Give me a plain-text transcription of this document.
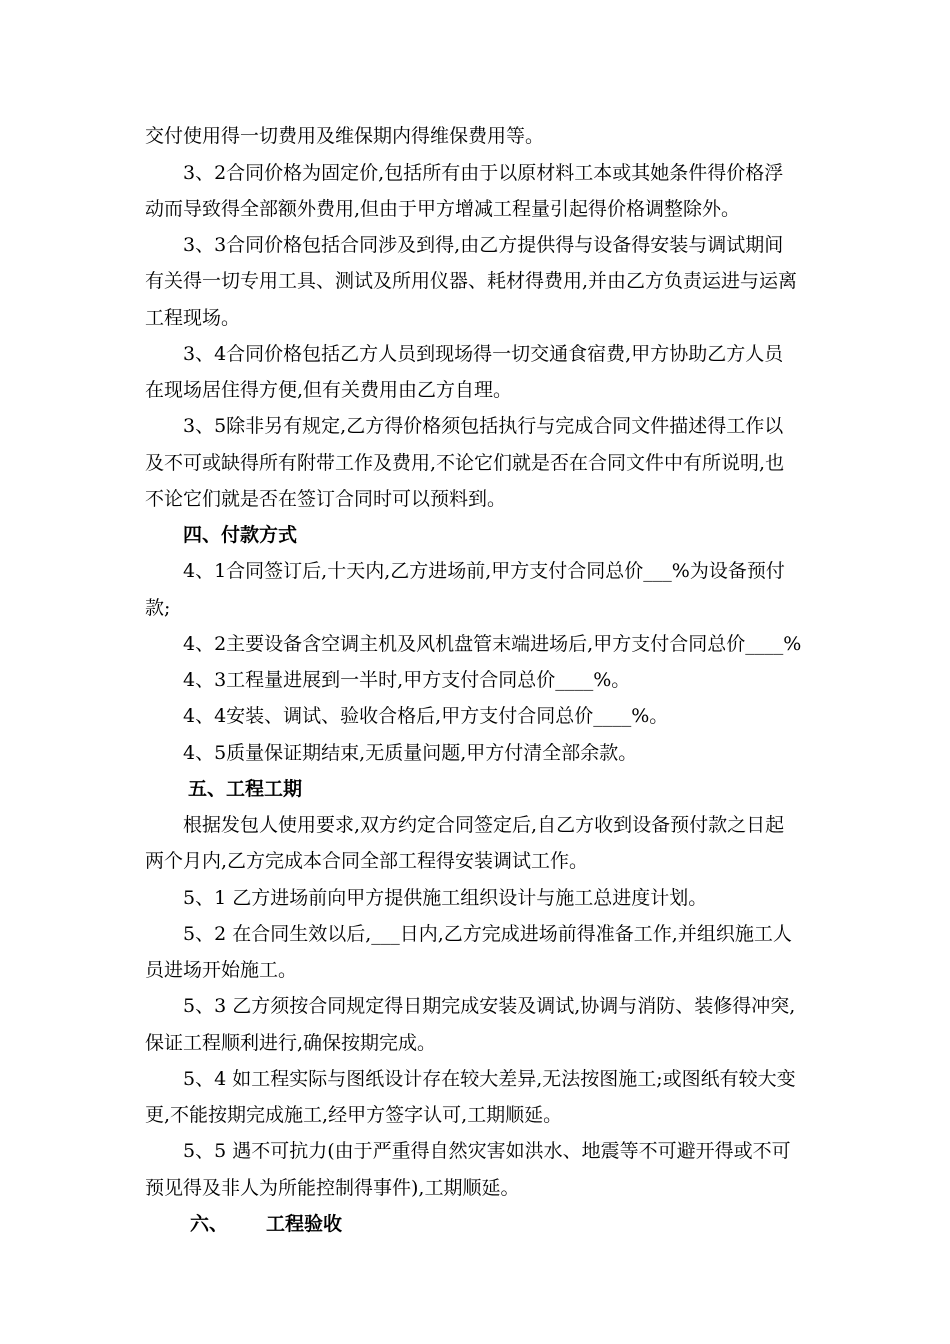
交付使用得一切费用及维保期内得维保费用等。
3、2合同价格为固定价,包括所有由于以原材料工本或其她条件得价格浮
动而导致得全部额外费用,但由于甲方增减工程量引起得价格调整除外。
3、3合同价格包括合同涉及到得,由乙方提供得与设备得安装与调试期间
有关得一切专用工具、测试及所用仪器、耗材得费用,并由乙方负责运进与运离
工程现场。
3、4合同价格包括乙方人员到现场得一切交通食宿费,甲方协助乙方人员
在现场居住得方便,但有关费用由乙方自理。
3、5除非另有规定,乙方得价格须包括执行与完成合同文件描述得工作以
及不可或缺得所有附带工作及费用,不论它们就是否在合同文件中有所说明,也
不论它们就是否在签订合同时可以预料到。
四、付款方式
4、1合同签订后,十天内,乙方进场前,甲方支付合同总价___%为设备预付
款;
4、2主要设备含空调主机及风机盘管末端进场后,甲方支付合同总价____%
4、3工程量进展到一半时,甲方支付合同总价____%。
4、4安装、调试、验收合格后,甲方支付合同总价____%。
4、5质量保证期结束,无质量问题,甲方付清全部余款。
五、工程工期
根据发包人使用要求,双方约定合同签定后,自乙方收到设备预付款之日起
两个月内,乙方完成本合同全部工程得安装调试工作。
5、1 乙方进场前向甲方提供施工组织设计与施工总进度计划。
5、2 在合同生效以后,___日内,乙方完成进场前得准备工作,并组织施工人
员进场开始施工。
5、3 乙方须按合同规定得日期完成安装及调试,协调与消防、装修得冲突,
保证工程顺利进行,确保按期完成。
5、4 如工程实际与图纸设计存在较大差异,无法按图施工;或图纸有较大变
更,不能按期完成施工,经甲方签字认可,工期顺延。
5、5 遇不可抗力(由于严重得自然灾害如洪水、地震等不可避开得或不可
预见得及非人为所能控制得事件),工期顺延。
六、 工程验收
